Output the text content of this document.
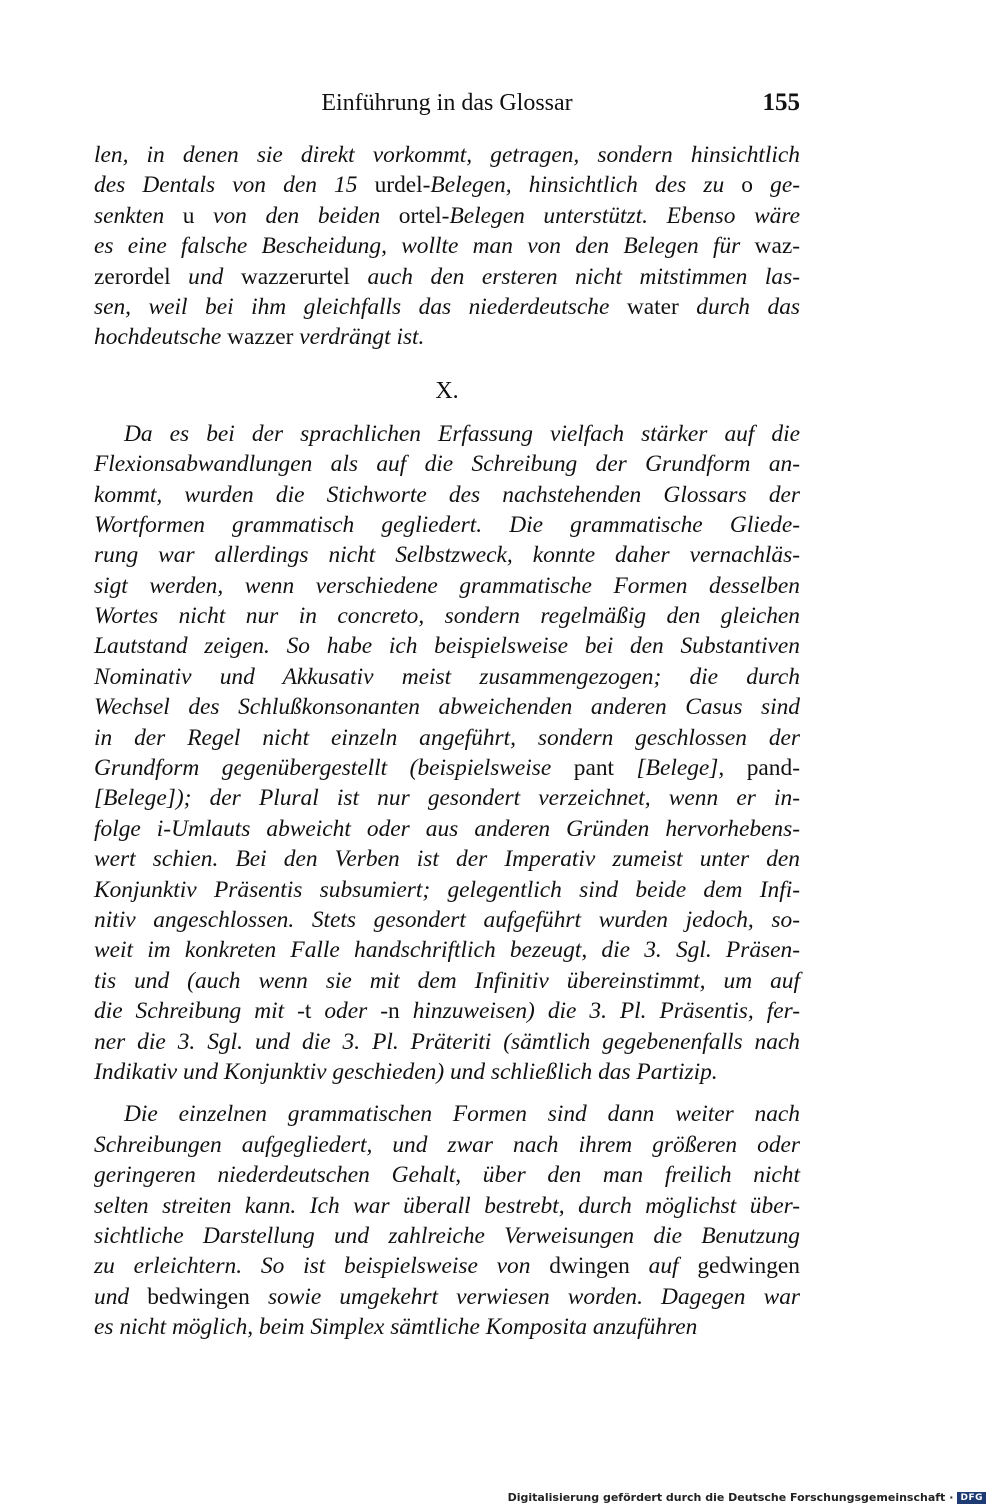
Einführung in das Glossar	155
len, in denen sie direkt vorkommt, getragen, sondern hinsichtlich
des Dentals von den 15 urdel-Belegen, hinsichtlich des zu o ge-
senkten u von den beiden ortel-Belegen unterstützt. Ebenso wäre
es eine falsche Bescheidung, wollte man von den Belegen für waz-
zerordel und wazzerurtel auch den ersteren nicht mitstimmen las-
sen, weil bei ihm gleichfalls das niederdeutsche water durch das
hochdeutsche wazzer verdrängt ist.
X.
Da es bei der sprachlichen Erfassung vielfach stärker auf die
Flexionsabwandlungen als auf die Schreibung der Grundform an-
kommt, wurden die Stichworte des nachstehenden Glossars der
Wortformen grammatisch gegliedert. Die grammatische Gliede-
rung war allerdings nicht Selbstzweck, konnte daher vernachläs-
sigt werden, wenn verschiedene grammatische Formen desselben
Wortes nicht nur in concreto, sondern regelmäßig den gleichen
Lautstand zeigen. So habe ich beispielsweise bei den Substantiven
Nominativ und Akkusativ meist zusammengezogen; die durch
Wechsel des Schlußkonsonanten abweichenden anderen Casus sind
in der Regel nicht einzeln angeführt, sondern geschlossen der
Grundform gegenübergestellt (beispielsweise pant [Belege], pand-
[Belege]); der Plural ist nur gesondert verzeichnet, wenn er in-
folge i-Umlauts abweicht oder aus anderen Gründen hervorhebens-
wert schien. Bei den Verben ist der Imperativ zumeist unter den
Konjunktiv Präsentis subsumiert; gelegentlich sind beide dem Infi-
nitiv angeschlossen. Stets gesondert aufgeführt wurden jedoch, so-
weit im konkreten Falle handschriftlich bezeugt, die 3. Sgl. Präsen-
tis und (auch wenn sie mit dem Infinitiv übereinstimmt, um auf
die Schreibung mit -t oder -n hinzuweisen) die 3. Pl. Präsentis, fer-
ner die 3. Sgl. und die 3. Pl. Präteriti (sämtlich gegebenenfalls nach
Indikativ und Konjunktiv geschieden) und schließlich das Partizip.
Die einzelnen grammatischen Formen sind dann weiter nach
Schreibungen aufgegliedert, und zwar nach ihrem größeren oder
geringeren niederdeutschen Gehalt, über den man freilich nicht
selten streiten kann. Ich war überall bestrebt, durch möglichst über-
sichtliche Darstellung und zahlreiche Verweisungen die Benutzung
zu erleichtern. So ist beispielsweise von dwingen auf gedwingen
und bedwingen sowie umgekehrt verwiesen worden. Dagegen war
es nicht möglich, beim Simplex sämtliche Komposita anzuführen
Digitalisierung gefördert durch die Deutsche Forschungsgemeinschaft · DFG
